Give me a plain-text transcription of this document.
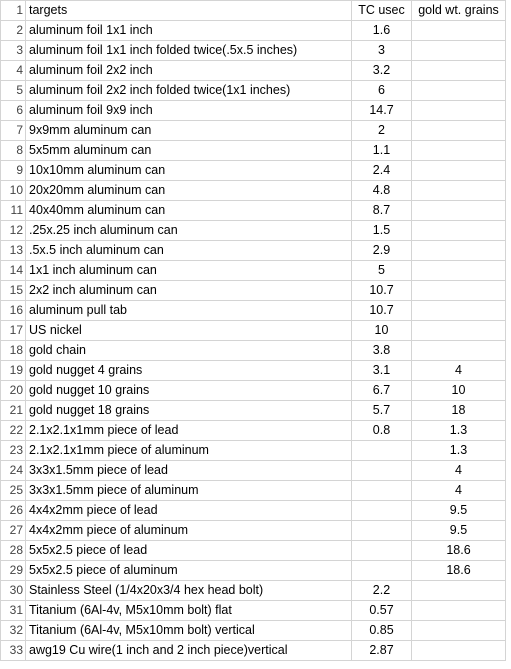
1	targets	TC usec	gold wt. grains
2	aluminum foil 1x1 inch	1.6	
3	aluminum foil 1x1 inch folded twice(.5x.5 inches)	3	
4	aluminum foil 2x2 inch	3.2	
5	aluminum foil 2x2 inch folded twice(1x1 inches)	6	
6	aluminum foil 9x9 inch	14.7	
7	9x9mm aluminum can	2	
8	5x5mm aluminum can	1.1	
9	10x10mm aluminum can	2.4	
10	20x20mm aluminum can	4.8	
11	40x40mm aluminum can	8.7	
12	.25x.25 inch aluminum can	1.5	
13	.5x.5 inch aluminum can	2.9	
14	1x1 inch aluminum can	5	
15	2x2 inch aluminum can	10.7	
16	aluminum pull tab	10.7	
17	US nickel	10	
18	gold chain	3.8	
19	gold nugget 4 grains	3.1	4
20	gold nugget 10 grains	6.7	10
21	gold nugget 18 grains	5.7	18
22	2.1x2.1x1mm piece of lead	0.8	1.3
23	2.1x2.1x1mm piece of aluminum		1.3
24	3x3x1.5mm piece of lead		4
25	3x3x1.5mm piece of aluminum		4
26	4x4x2mm piece of lead		9.5
27	4x4x2mm piece of aluminum		9.5
28	5x5x2.5 piece of lead		18.6
29	5x5x2.5 piece of aluminum		18.6
30	Stainless Steel (1/4x20x3/4 hex head bolt)	2.2	
31	Titanium (6Al-4v, M5x10mm bolt) flat	0.57	
32	Titanium (6Al-4v, M5x10mm bolt) vertical	0.85	
33	awg19 Cu wire(1 inch and 2 inch piece)vertical	2.87	
